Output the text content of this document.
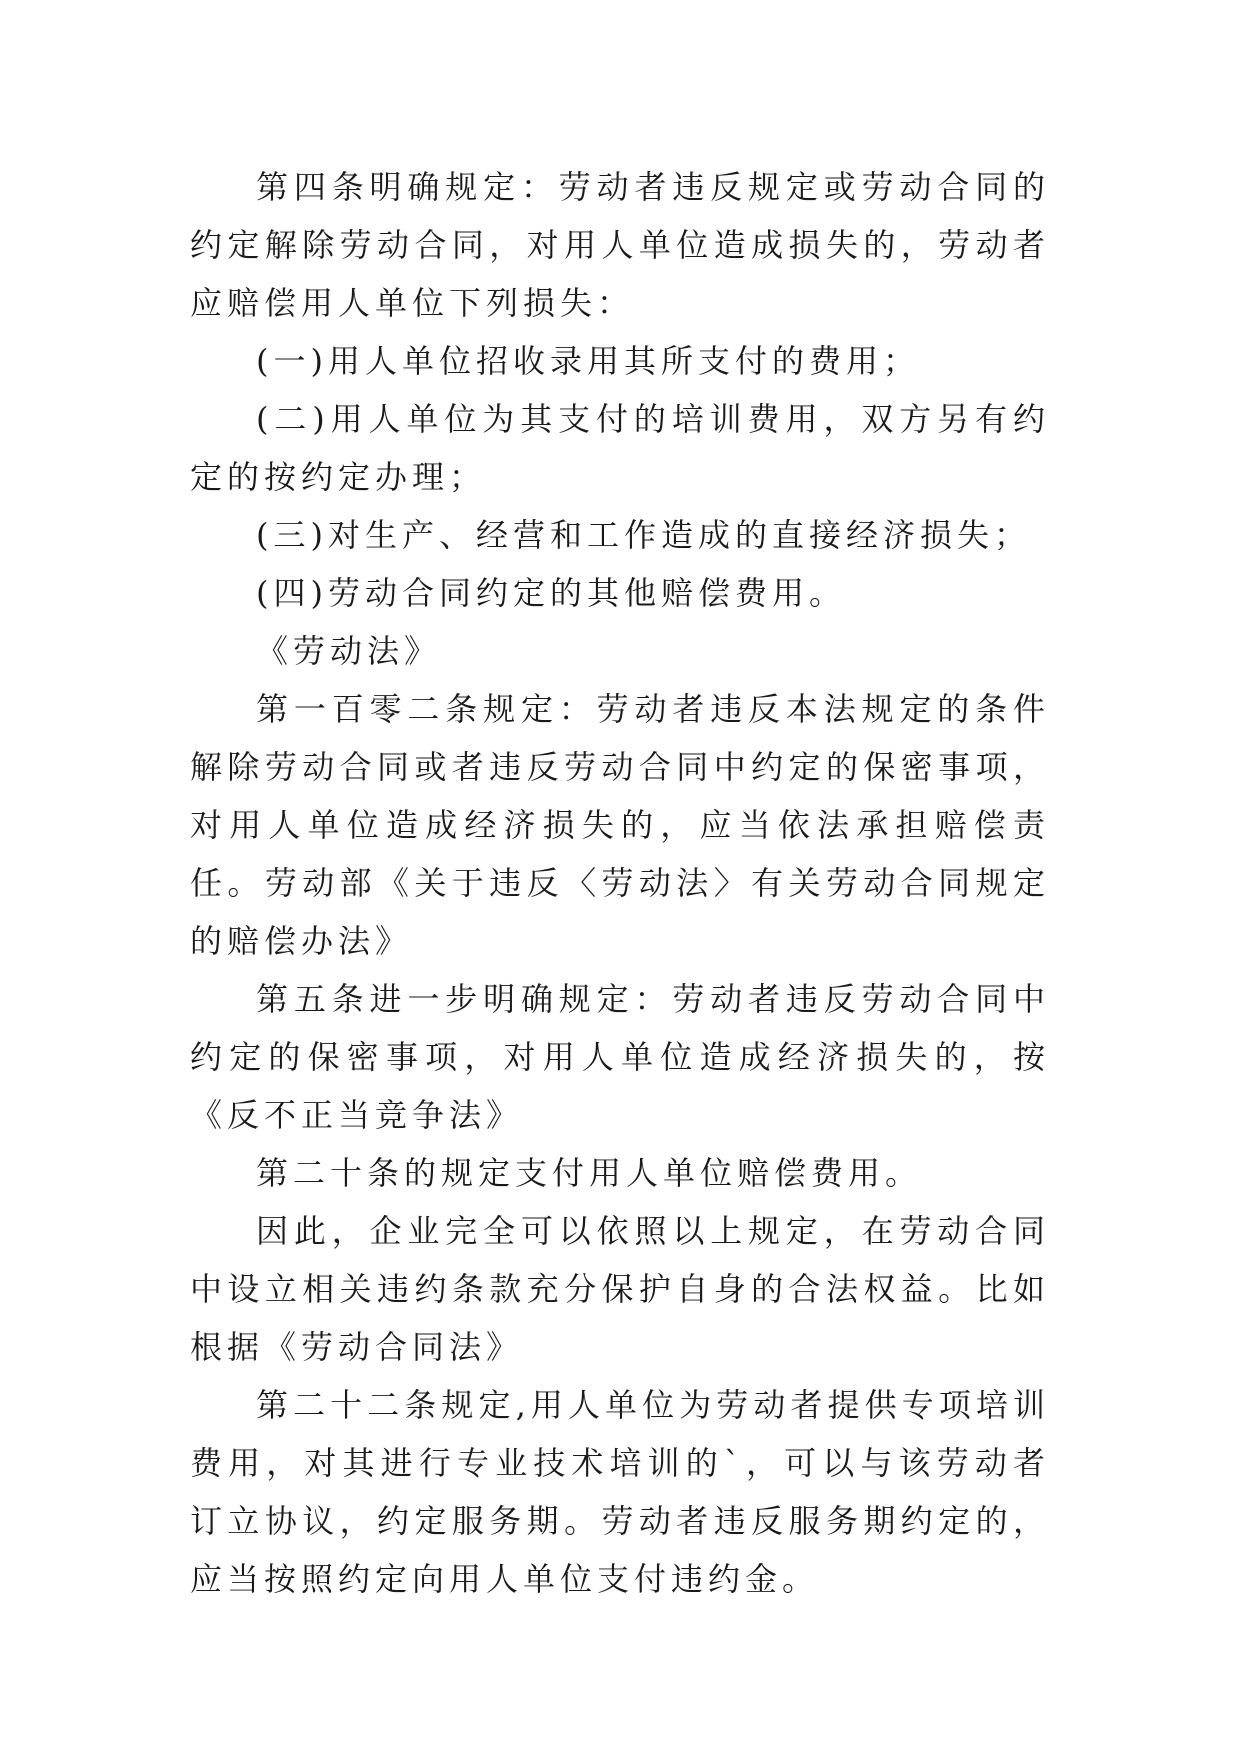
第四条明确规定：劳动者违反规定或劳动合同的约定解除劳动合同，对用人单位造成损失的，劳动者应赔偿用人单位下列损失：

(一)用人单位招收录用其所支付的费用；

(二)用人单位为其支付的培训费用，双方另有约定的按约定办理；

(三)对生产、经营和工作造成的直接经济损失；

(四)劳动合同约定的其他赔偿费用。

《劳动法》

第一百零二条规定：劳动者违反本法规定的条件解除劳动合同或者违反劳动合同中约定的保密事项，对用人单位造成经济损失的，应当依法承担赔偿责任。劳动部《关于违反〈劳动法〉有关劳动合同规定的赔偿办法》

第五条进一步明确规定：劳动者违反劳动合同中约定的保密事项，对用人单位造成经济损失的，按《反不正当竞争法》

第二十条的规定支付用人单位赔偿费用。

因此，企业完全可以依照以上规定，在劳动合同中设立相关违约条款充分保护自身的合法权益。比如根据《劳动合同法》

第二十二条规定,用人单位为劳动者提供专项培训费用，对其进行专业技术培训的`，可以与该劳动者订立协议，约定服务期。劳动者违反服务期约定的，应当按照约定向用人单位支付违约金。
